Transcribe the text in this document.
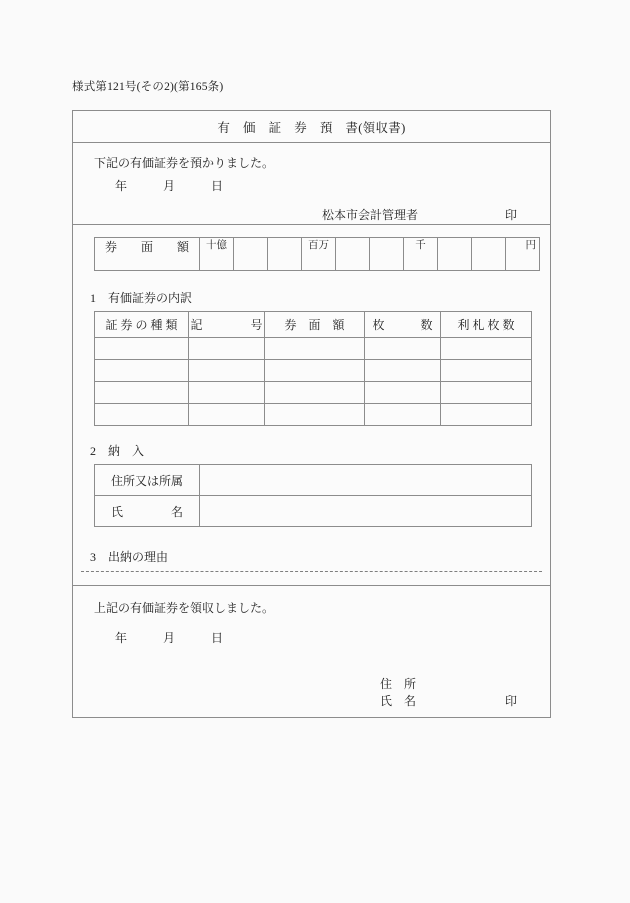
様式第121号(その2)(第165条)
有　価　証　券　預　書(領収書)
下記の有価証券を預かりました。
年　　　月　　　日
松本市会計管理者	印
券　　面　　額	十億			百万			千			円
1 有価証券の内訳
証 券 の 種 類	記　　　　号	券　面　額	枚　　　数	利 札 枚 数

2 納　入
住所又は所属	
氏　　　　名	
3 出納の理由
上記の有価証券を領収しました。
年　　　月　　　日
住　所
氏　名	印
